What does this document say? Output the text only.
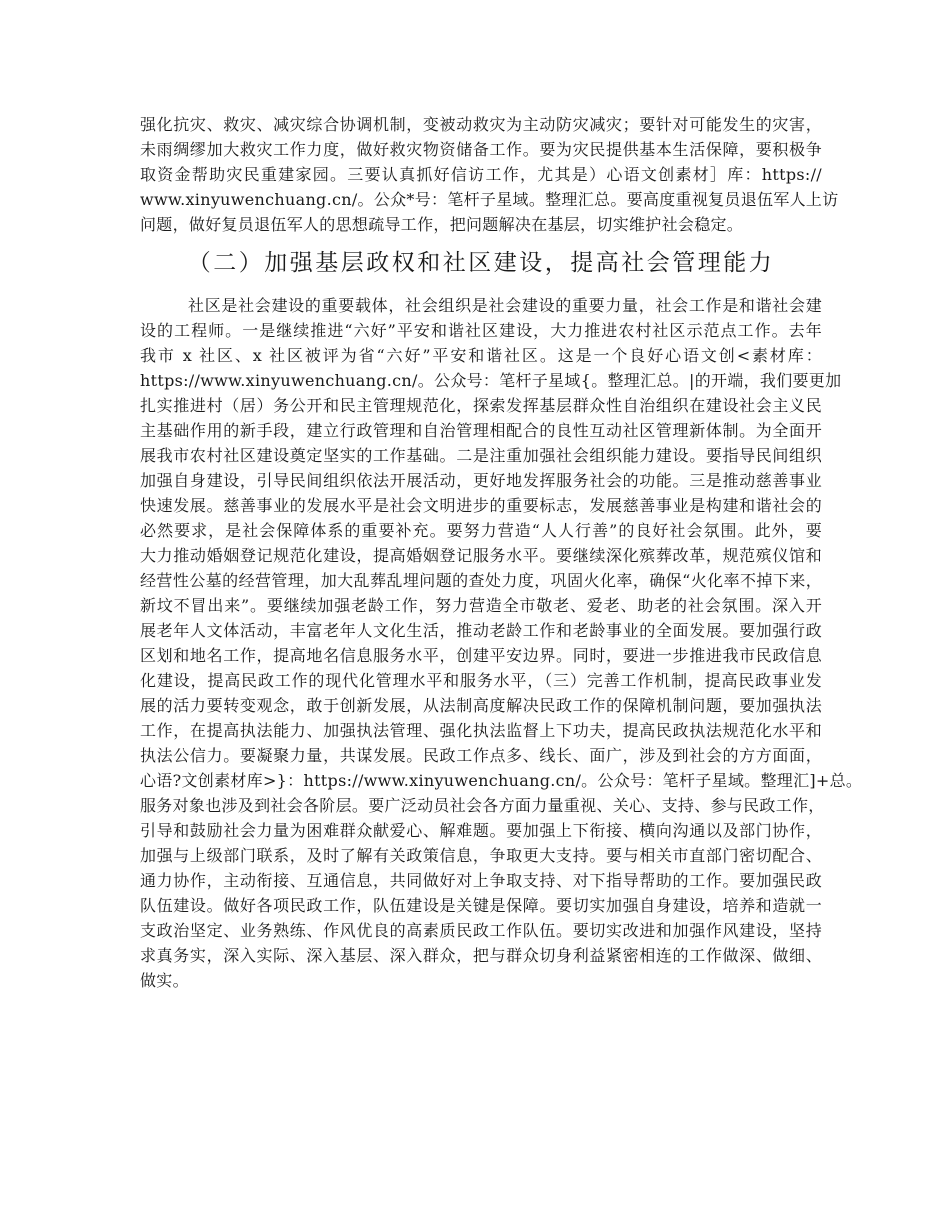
强化抗灾、救灾、减灾综合协调机制，变被动救灾为主动防灾减灾；要针对可能发生的灾害，
未雨绸缪加大救灾工作力度，做好救灾物资储备工作。要为灾民提供基本生活保障，要积极争
取资金帮助灾民重建家园。三要认真抓好信访工作，尤其是）心语文创素材］库：https://
www.xinyuwenchuang.cn/。公众*号：笔杆子星域。整理汇总。要高度重视复员退伍军人上访
问题，做好复员退伍军人的思想疏导工作，把问题解决在基层，切实维护社会稳定。
（二）加强基层政权和社区建设，提高社会管理能力
社区是社会建设的重要载体，社会组织是社会建设的重要力量，社会工作是和谐社会建
设的工程师。一是继续推进“六好”平安和谐社区建设，大力推进农村社区示范点工作。去年
我市 x 社区、x 社区被评为省“六好”平安和谐社区。这是一个良好心语文创<素材库：
https://www.xinyuwenchuang.cn/。公众号：笔杆子星域{。整理汇总。|的开端，我们要更加
扎实推进村（居）务公开和民主管理规范化，探索发挥基层群众性自治组织在建设社会主义民
主基础作用的新手段，建立行政管理和自治管理相配合的良性互动社区管理新体制。为全面开
展我市农村社区建设奠定坚实的工作基础。二是注重加强社会组织能力建设。要指导民间组织
加强自身建设，引导民间组织依法开展活动，更好地发挥服务社会的功能。三是推动慈善事业
快速发展。慈善事业的发展水平是社会文明进步的重要标志，发展慈善事业是构建和谐社会的
必然要求，是社会保障体系的重要补充。要努力营造“人人行善”的良好社会氛围。此外，要
大力推动婚姻登记规范化建设，提高婚姻登记服务水平。要继续深化殡葬改革，规范殡仪馆和
经营性公墓的经营管理，加大乱葬乱埋问题的查处力度，巩固火化率，确保“火化率不掉下来，
新坟不冒出来”。要继续加强老龄工作，努力营造全市敬老、爱老、助老的社会氛围。深入开
展老年人文体活动，丰富老年人文化生活，推动老龄工作和老龄事业的全面发展。要加强行政
区划和地名工作，提高地名信息服务水平，创建平安边界。同时，要进一步推进我市民政信息
化建设，提高民政工作的现代化管理水平和服务水平，（三）完善工作机制，提高民政事业发
展的活力要转变观念，敢于创新发展，从法制高度解决民政工作的保障机制问题，要加强执法
工作，在提高执法能力、加强执法管理、强化执法监督上下功夫，提高民政执法规范化水平和
执法公信力。要凝聚力量，共谋发展。民政工作点多、线长、面广，涉及到社会的方方面面，
心语?文创素材库>}：https://www.xinyuwenchuang.cn/。公众号：笔杆子星域。整理汇]+总。
服务对象也涉及到社会各阶层。要广泛动员社会各方面力量重视、关心、支持、参与民政工作，
引导和鼓励社会力量为困难群众献爱心、解难题。要加强上下衔接、横向沟通以及部门协作，
加强与上级部门联系，及时了解有关政策信息，争取更大支持。要与相关市直部门密切配合、
通力协作，主动衔接、互通信息，共同做好对上争取支持、对下指导帮助的工作。要加强民政
队伍建设。做好各项民政工作，队伍建设是关键是保障。要切实加强自身建设，培养和造就一
支政治坚定、业务熟练、作风优良的高素质民政工作队伍。要切实改进和加强作风建设，坚持
求真务实，深入实际、深入基层、深入群众，把与群众切身利益紧密相连的工作做深、做细、
做实。
